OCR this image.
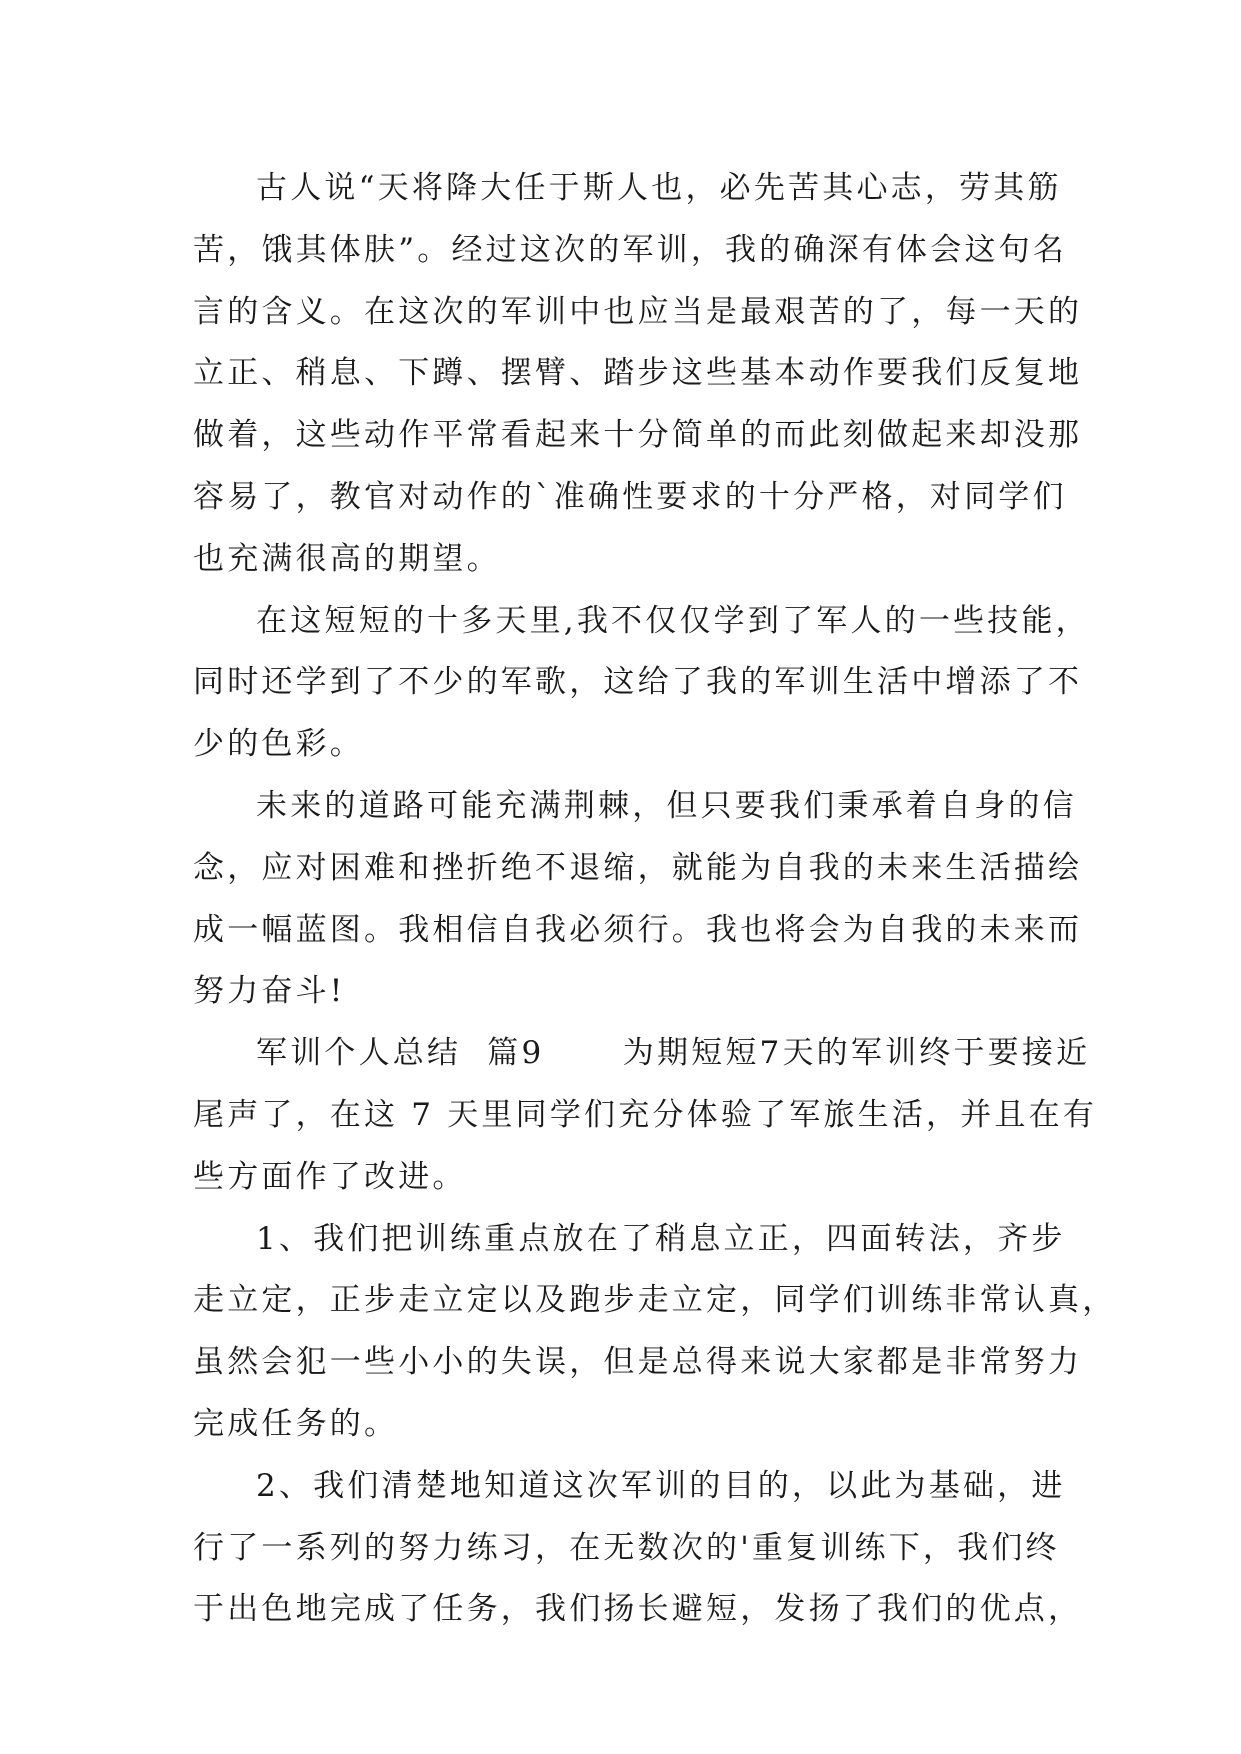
古人说“天将降大任于斯人也，必先苦其心志，劳其筋
苦，饿其体肤”。经过这次的军训，我的确深有体会这句名
言的含义。在这次的军训中也应当是最艰苦的了，每一天的
立正、稍息、下蹲、摆臂、踏步这些基本动作要我们反复地
做着，这些动作平常看起来十分简单的而此刻做起来却没那
容易了，教官对动作的`准确性要求的十分严格，对同学们
也充满很高的期望。
在这短短的十多天里,我不仅仅学到了军人的一些技能，
同时还学到了不少的军歌，这给了我的军训生活中增添了不
少的色彩。
未来的道路可能充满荆棘，但只要我们秉承着自身的信
念，应对困难和挫折绝不退缩，就能为自我的未来生活描绘
成一幅蓝图。我相信自我必须行。我也将会为自我的未来而
努力奋斗!
军训个人总结  篇9      为期短短7天的军训终于要接近
尾声了，在这 7 天里同学们充分体验了军旅生活，并且在有
些方面作了改进。
1、我们把训练重点放在了稍息立正，四面转法，齐步
走立定，正步走立定以及跑步走立定，同学们训练非常认真，
虽然会犯一些小小的失误，但是总得来说大家都是非常努力
完成任务的。
2、我们清楚地知道这次军训的目的，以此为基础，进
行了一系列的努力练习，在无数次的'重复训练下，我们终
于出色地完成了任务，我们扬长避短，发扬了我们的优点，
